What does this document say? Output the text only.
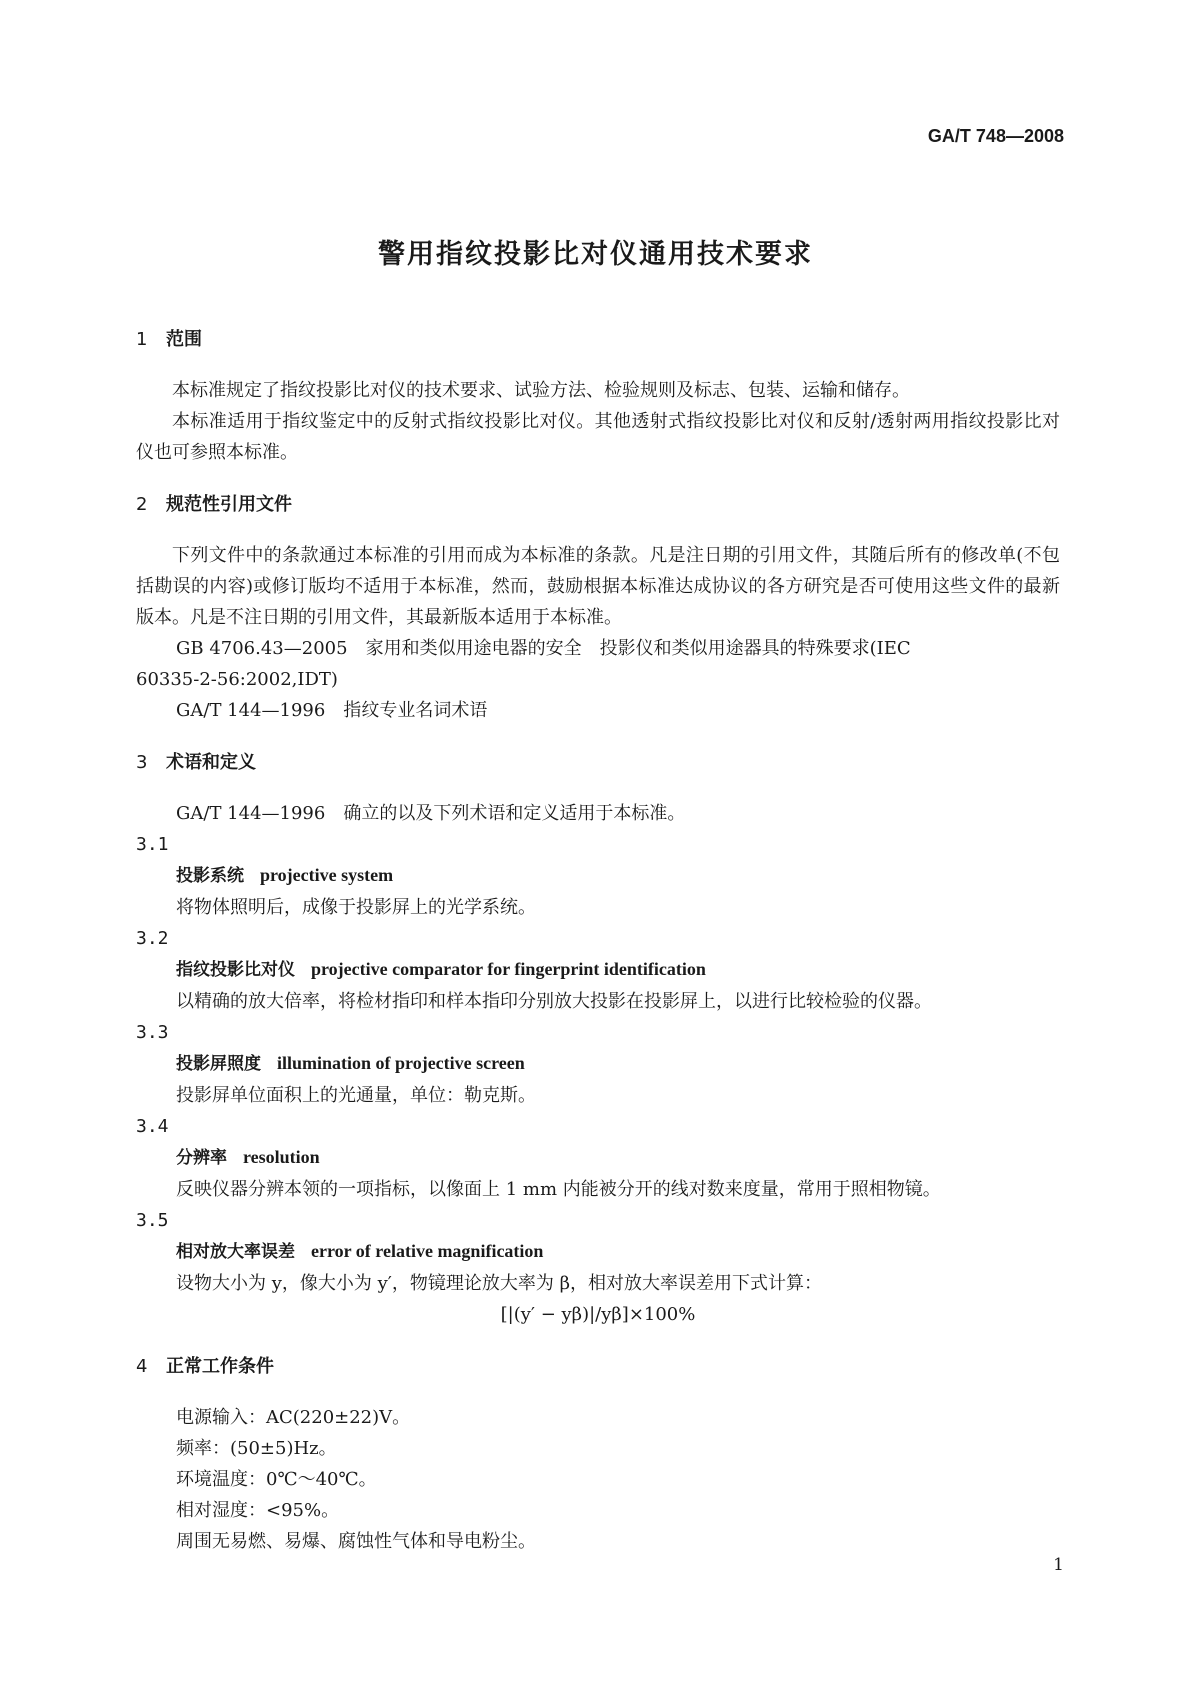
GA/T 748—2008
警用指纹投影比对仪通用技术要求
1 范围

本标准规定了指纹投影比对仪的技术要求、试验方法、检验规则及标志、包装、运输和储存。

本标准适用于指纹鉴定中的反射式指纹投影比对仪。其他透射式指纹投影比对仪和反射/透射两用指纹投影比对仪也可参照本标准。

2 规范性引用文件

下列文件中的条款通过本标准的引用而成为本标准的条款。凡是注日期的引用文件，其随后所有的修改单(不包括勘误的内容)或修订版均不适用于本标准，然而，鼓励根据本标准达成协议的各方研究是否可使用这些文件的最新版本。凡是不注日期的引用文件，其最新版本适用于本标准。

GB 4706.43—2005 家用和类似用途电器的安全　投影仪和类似用途器具的特殊要求(IEC
60335-2-56:2002,IDT)
GA/T 144—1996 指纹专业名词术语
3 术语和定义
GA/T 144—1996 确立的以及下列术语和定义适用于本标准。
3.1
投影系统 projective system
将物体照明后，成像于投影屏上的光学系统。
3.2
指纹投影比对仪 projective comparator for fingerprint identification
以精确的放大倍率，将检材指印和样本指印分别放大投影在投影屏上，以进行比较检验的仪器。
3.3
投影屏照度 illumination of projective screen
投影屏单位面积上的光通量，单位：勒克斯。
3.4
分辨率 resolution
反映仪器分辨本领的一项指标，以像面上 1 mm 内能被分开的线对数来度量，常用于照相物镜。
3.5
相对放大率误差 error of relative magnification
设物大小为 y，像大小为 y′，物镜理论放大率为 β，相对放大率误差用下式计算：
[|(y′ − yβ)|/yβ]×100%
4 正常工作条件
电源输入：AC(220±22)V。
频率：(50±5)Hz。
环境温度：0℃～40℃。
相对湿度：<95%。
周围无易燃、易爆、腐蚀性气体和导电粉尘。
1
